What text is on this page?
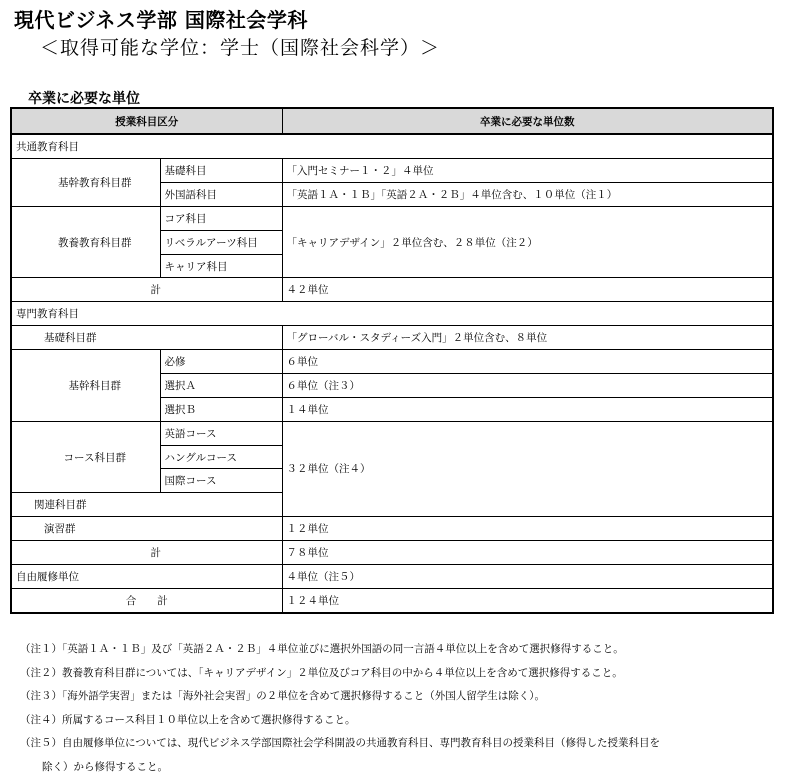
現代ビジネス学部 国際社会学科
＜取得可能な学位：学士（国際社会科学）＞
卒業に必要な単位
授業科目区分			卒業に必要な単位数
共通教育科目			
	基幹教育科目群	基礎科目	「入門セミナー１・２」４単位
		外国語科目	「英語１Ａ・１Ｂ」「英語２Ａ・２Ｂ」４単位含む、１０単位（注１）
	教養教育科目群	コア科目	「キャリアデザイン」２単位含む、２８単位（注２）
		リベラルアーツ科目	
		キャリア科目	
	計		４２単位
専門教育科目			
	基礎科目群		「グローバル・スタディーズ入門」２単位含む、８単位
	基幹科目群	必修	６単位
		選択Ａ	６単位（注３）
		選択Ｂ	１４単位
	コース科目群	英語コース	３２単位（注４）
		ハングルコース	
		国際コース	
	関連科目群		
	演習群		１２単位
	計		７８単位
自由履修単位			４単位（注５）
合　　計			１２４単位
（注１）「英語１Ａ・１Ｂ」及び「英語２Ａ・２Ｂ」４単位並びに選択外国語の同一言語４単位以上を含めて選択修得すること。
（注２）教養教育科目群については、「キャリアデザイン」２単位及びコア科目の中から４単位以上を含めて選択修得すること。
（注３）「海外語学実習」または「海外社会実習」の２単位を含めて選択修得すること（外国人留学生は除く）。
（注４）所属するコース科目１０単位以上を含めて選択修得すること。
（注５）自由履修単位については、現代ビジネス学部国際社会学科開設の共通教育科目、専門教育科目の授業科目（修得した授業科目を
除く）から修得すること。
